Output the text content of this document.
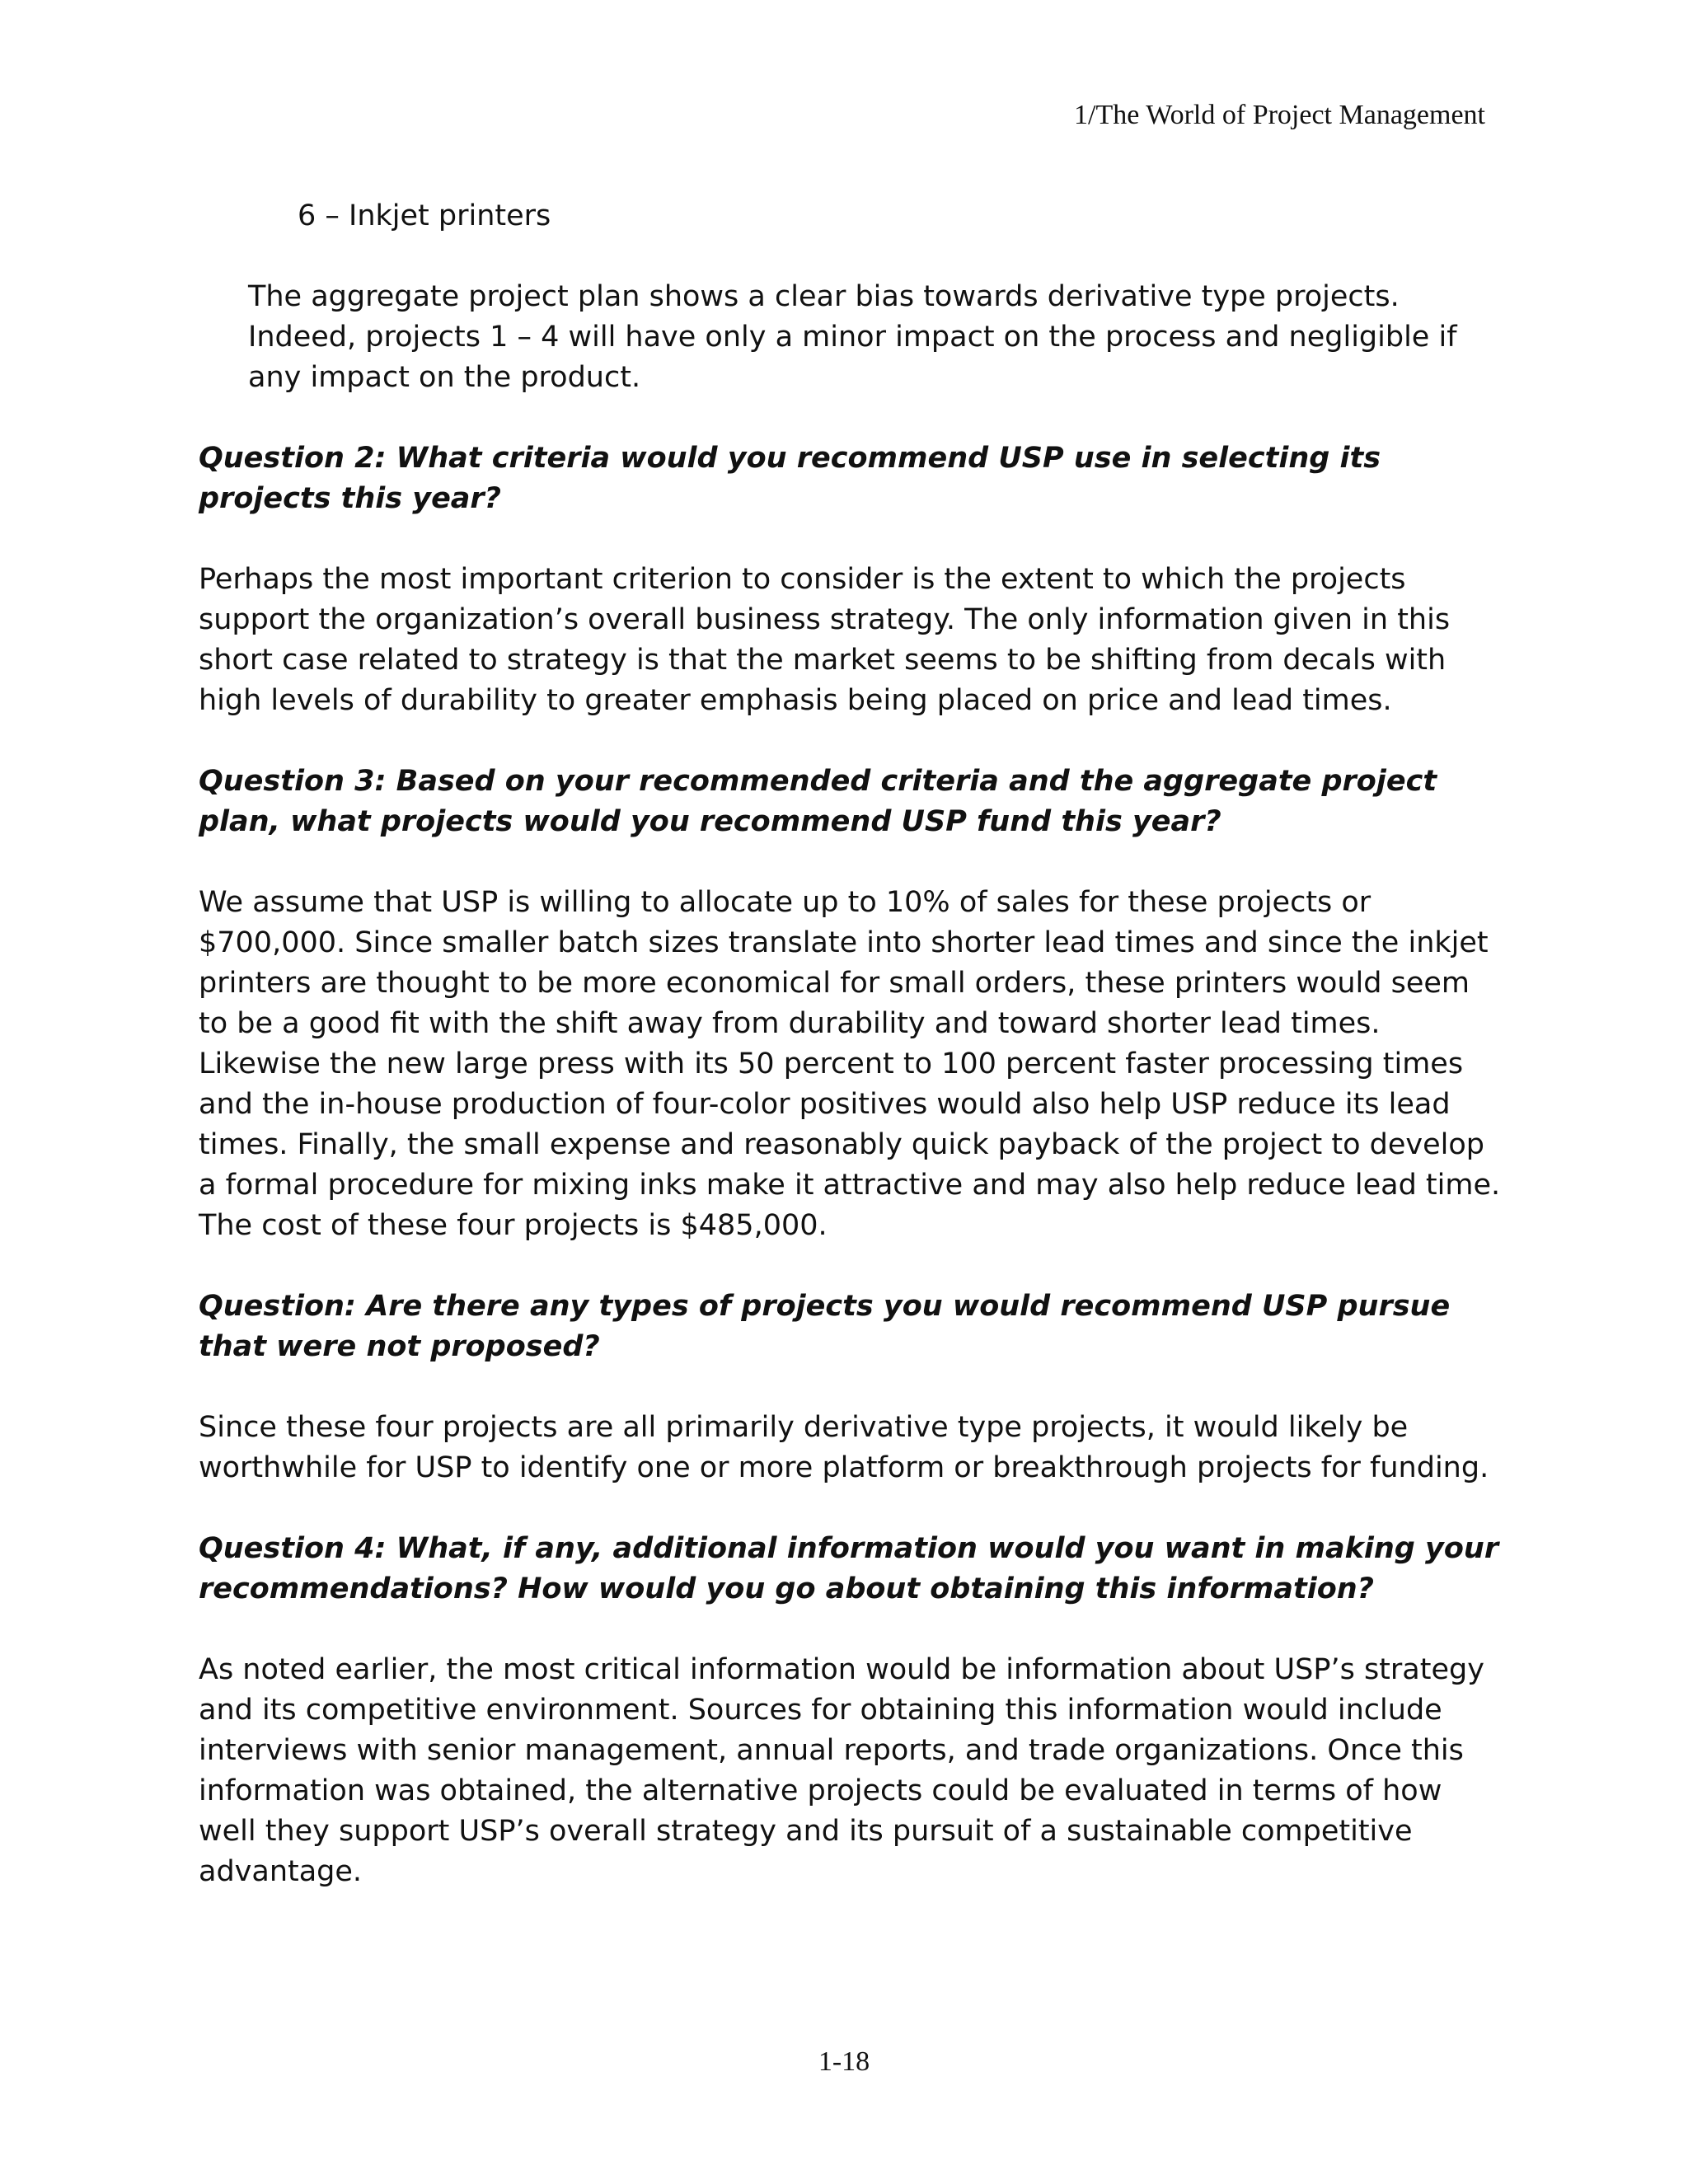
1/The World of Project Management

6 – Inkjet printers

The aggregate project plan shows a clear bias towards derivative type projects. Indeed, projects 1 – 4 will have only a minor impact on the process and negligible if any impact on the product.

Question 2: What criteria would you recommend USP use in selecting its projects this year?

Perhaps the most important criterion to consider is the extent to which the projects support the organization’s overall business strategy. The only information given in this short case related to strategy is that the market seems to be shifting from decals with high levels of durability to greater emphasis being placed on price and lead times.

Question 3: Based on your recommended criteria and the aggregate project plan, what projects would you recommend USP fund this year?

We assume that USP is willing to allocate up to 10% of sales for these projects or $700,000. Since smaller batch sizes translate into shorter lead times and since the inkjet printers are thought to be more economical for small orders, these printers would seem to be a good fit with the shift away from durability and toward shorter lead times. Likewise the new large press with its 50 percent to 100 percent faster processing times and the in-house production of four-color positives would also help USP reduce its lead times. Finally, the small expense and reasonably quick payback of the project to develop a formal procedure for mixing inks make it attractive and may also help reduce lead time. The cost of these four projects is $485,000.

Question: Are there any types of projects you would recommend USP pursue that were not proposed?

Since these four projects are all primarily derivative type projects, it would likely be worthwhile for USP to identify one or more platform or breakthrough projects for funding.

Question 4: What, if any, additional information would you want in making your recommendations? How would you go about obtaining this information?

As noted earlier, the most critical information would be information about USP’s strategy and its competitive environment. Sources for obtaining this information would include interviews with senior management, annual reports, and trade organizations. Once this information was obtained, the alternative projects could be evaluated in terms of how well they support USP’s overall strategy and its pursuit of a sustainable competitive advantage.

1-18
